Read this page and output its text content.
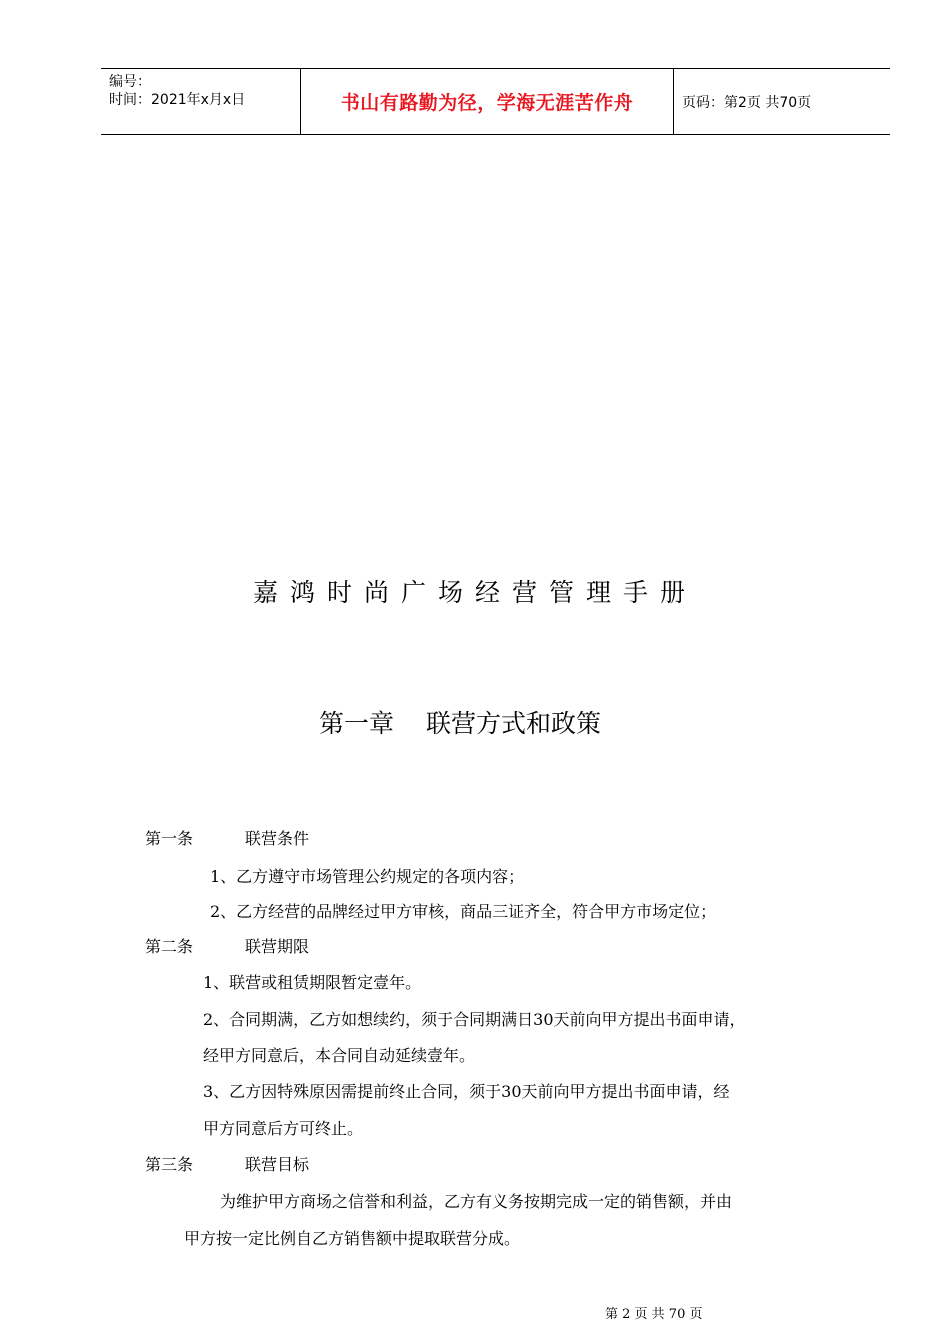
编号：
时间：2021年x月x日	书山有路勤为径，学海无涯苦作舟	页码：第2页 共70页
嘉鸿时尚广场经营管理手册
第一章 联营方式和政策
第一条	联营条件
1、乙方遵守市场管理公约规定的各项内容；
2、乙方经营的品牌经过甲方审核，商品三证齐全，符合甲方市场定位；
第二条	联营期限
1、联营或租赁期限暂定壹年。
2、合同期满，乙方如想续约，须于合同期满日30天前向甲方提出书面申请，
经甲方同意后，本合同自动延续壹年。
3、乙方因特殊原因需提前终止合同，须于30天前向甲方提出书面申请，经
甲方同意后方可终止。
第三条	联营目标
为维护甲方商场之信誉和利益，乙方有义务按期完成一定的销售额，并由
甲方按一定比例自乙方销售额中提取联营分成。
第 2 页 共 70 页
